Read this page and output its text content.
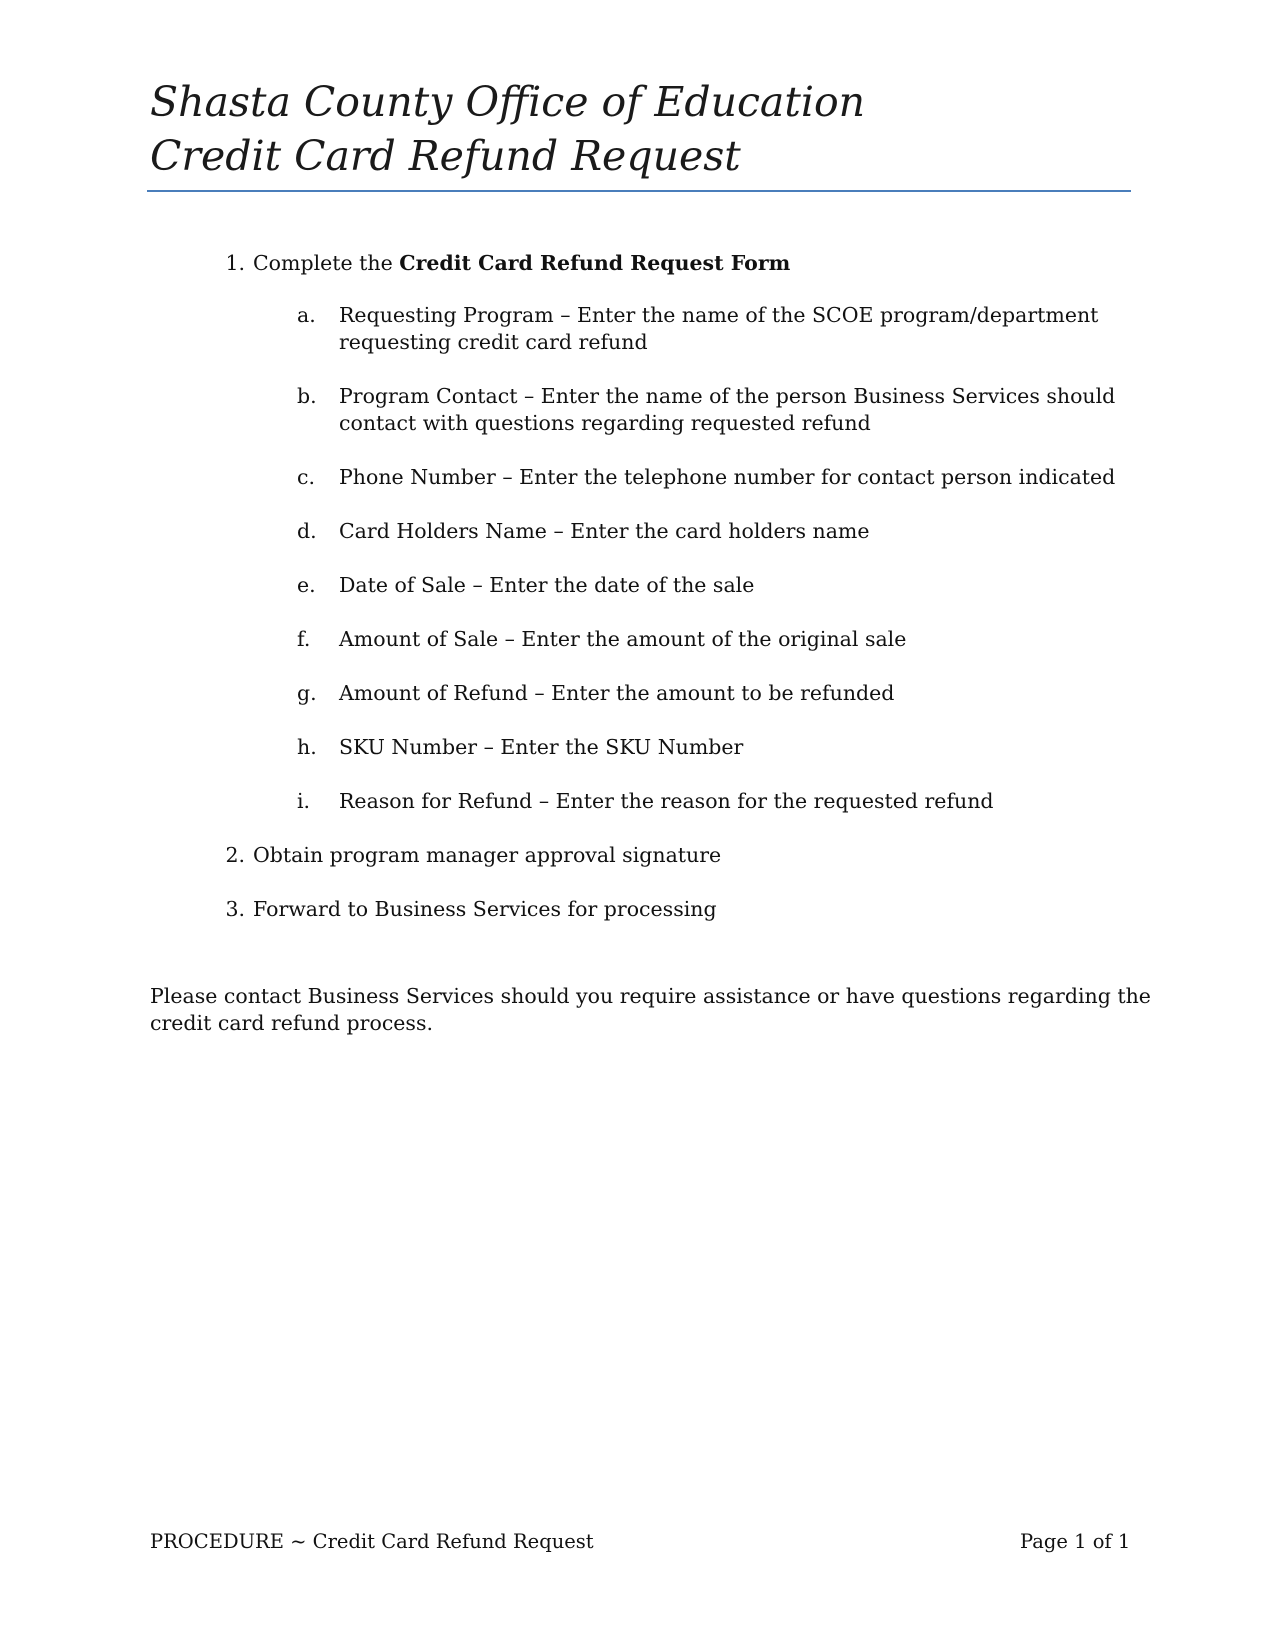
Shasta County Office of Education
Credit Card Refund Request
1. Complete the Credit Card Refund Request Form
a. Requesting Program – Enter the name of the SCOE program/department
requesting credit card refund
b. Program Contact – Enter the name of the person Business Services should
contact with questions regarding requested refund
c. Phone Number – Enter the telephone number for contact person indicated
d. Card Holders Name – Enter the card holders name
e. Date of Sale – Enter the date of the sale
f. Amount of Sale – Enter the amount of the original sale
g. Amount of Refund – Enter the amount to be refunded
h. SKU Number – Enter the SKU Number
i. Reason for Refund – Enter the reason for the requested refund
2. Obtain program manager approval signature
3. Forward to Business Services for processing
Please contact Business Services should you require assistance or have questions regarding the
credit card refund process.
PROCEDURE ~ Credit Card Refund Request	Page 1 of 1
